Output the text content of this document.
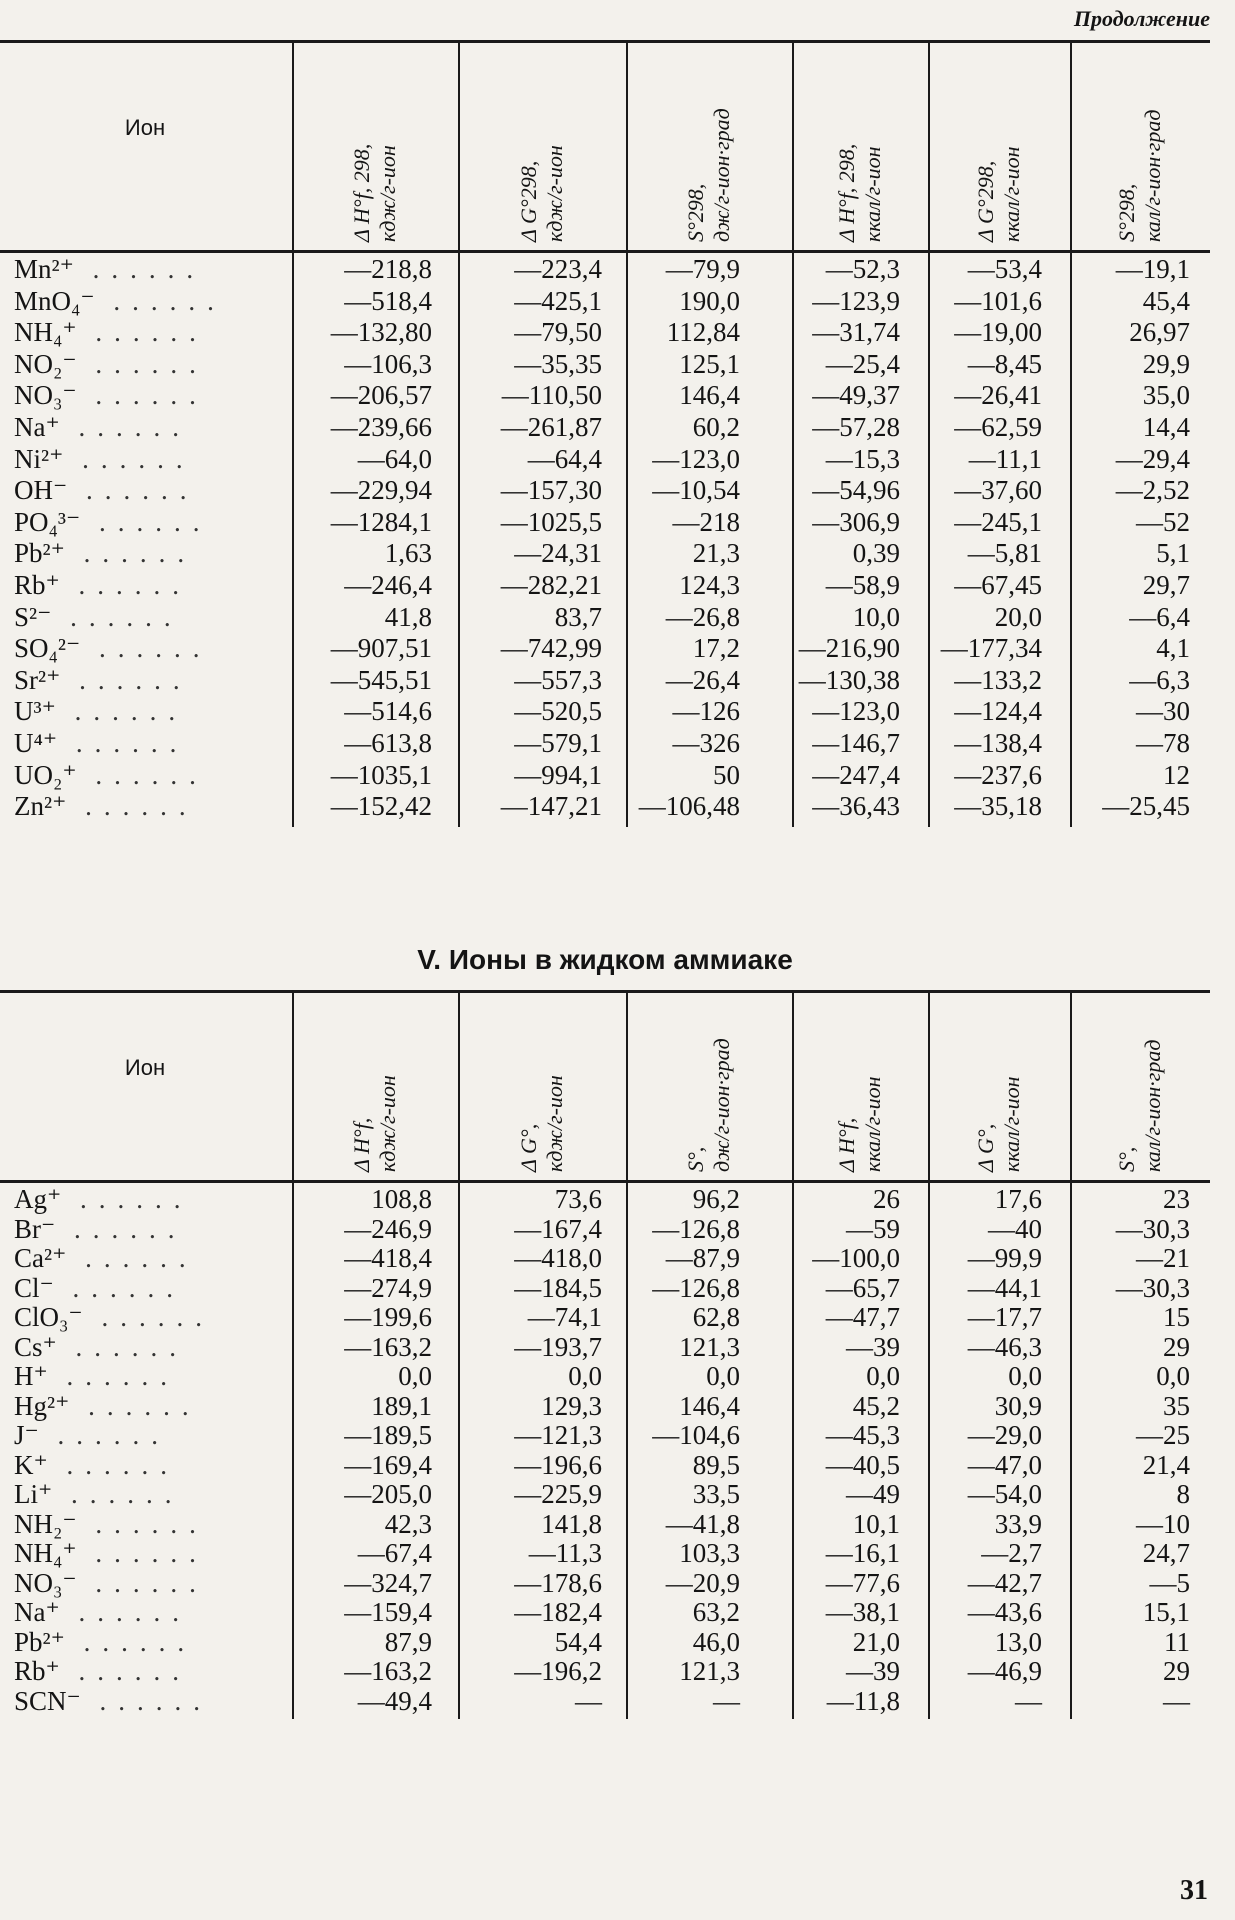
Продолжение
V. Ионы в жидком аммиаке
31
Ион
Δ H°f, 298, кдж/г-ион	Δ G°298, кдж/г-ион	S°298, дж/г-ион·град	Δ H°f, 298, ккал/г-ион	Δ G°298, ккал/г-ион	S°298, кал/г-ион·град
Mn²⁺ ......	—218,8	—223,4	—79,9	—52,3	—53,4	—19,1
MnO₄⁻ ......	—518,4	—425,1	190,0	—123,9	—101,6	45,4
NH₄⁺ ......	—132,80	—79,50	112,84	—31,74	—19,00	26,97
NO₂⁻ ......	—106,3	—35,35	125,1	—25,4	—8,45	29,9
NO₃⁻ ......	—206,57	—110,50	146,4	—49,37	—26,41	35,0
Na⁺ ......	—239,66	—261,87	60,2	—57,28	—62,59	14,4
Ni²⁺ ......	—64,0	—64,4	—123,0	—15,3	—11,1	—29,4
OH⁻ ......	—229,94	—157,30	—10,54	—54,96	—37,60	—2,52
PO₄³⁻ ......	—1284,1	—1025,5	—218	—306,9	—245,1	—52
Pb²⁺ ......	1,63	—24,31	21,3	0,39	—5,81	5,1
Rb⁺ ......	—246,4	—282,21	124,3	—58,9	—67,45	29,7
S²⁻ ......	41,8	83,7	—26,8	10,0	20,0	—6,4
SO₄²⁻ ......	—907,51	—742,99	17,2 —216,90	—177,34	4,1
Sr²⁺ ......	—545,51	—557,3	—26,4 —130,38	—133,2	—6,3
U³⁺ ......	—514,6	—520,5	—126	—123,0	—124,4	—30
U⁴⁺ ......	—613,8	—579,1	—326	—146,7	—138,4	—78
UO₂⁺ ......	—1035,1	—994,1	50	—247,4	—237,6	12
Zn²⁺ ......	—152,42	—147,21	—106,48	—36,43	—35,18	—25,45
Ион
Δ H°f, кдж/г-ион	Δ G°, кдж/г-ион	S°, дж/г-ион·град	Δ H°f, ккал/г-ион	Δ G°, ккал/г-ион	S°, кал/г-ион·град
Ag⁺ ......	108,8	73,6	96,2	26	17,6	23
Br⁻ ......	—246,9	—167,4	—126,8	—59	—40	—30,3
Ca²⁺ ......	—418,4	—418,0	—87,9	—100,0	—99,9	—21
Cl⁻ ......	—274,9	—184,5	—126,8	—65,7	—44,1	—30,3
ClO₃⁻ ......	—199,6	—74,1	62,8	—47,7	—17,7	15
Cs⁺ ......	—163,2	—193,7	121,3	—39	—46,3	29
H⁺ ......	0,0	0,0	0,0	0,0	0,0	0,0
Hg²⁺ ......	189,1	129,3	146,4	45,2	30,9	35
J⁻ ......	—189,5	—121,3	—104,6	—45,3	—29,0	—25
K⁺ ......	—169,4	—196,6	89,5	—40,5	—47,0	21,4
Li⁺ ......	—205,0	—225,9	33,5	—49	—54,0	8
NH₂⁻ ......	42,3	141,8	—41,8	10,1	33,9	—10
NH₄⁺ ......	—67,4	—11,3	103,3	—16,1	—2,7	24,7
NO₃⁻ ......	—324,7	—178,6	—20,9	—77,6	—42,7	—5
Na⁺ ......	—159,4	—182,4	63,2	—38,1	—43,6	15,1
Pb²⁺ ......	87,9	54,4	46,0	21,0	13,0	11
Rb⁺ ......	—163,2	—196,2	121,3	—39	—46,9	29
SCN⁻ ......	—49,4	—	—	—11,8	—	—
